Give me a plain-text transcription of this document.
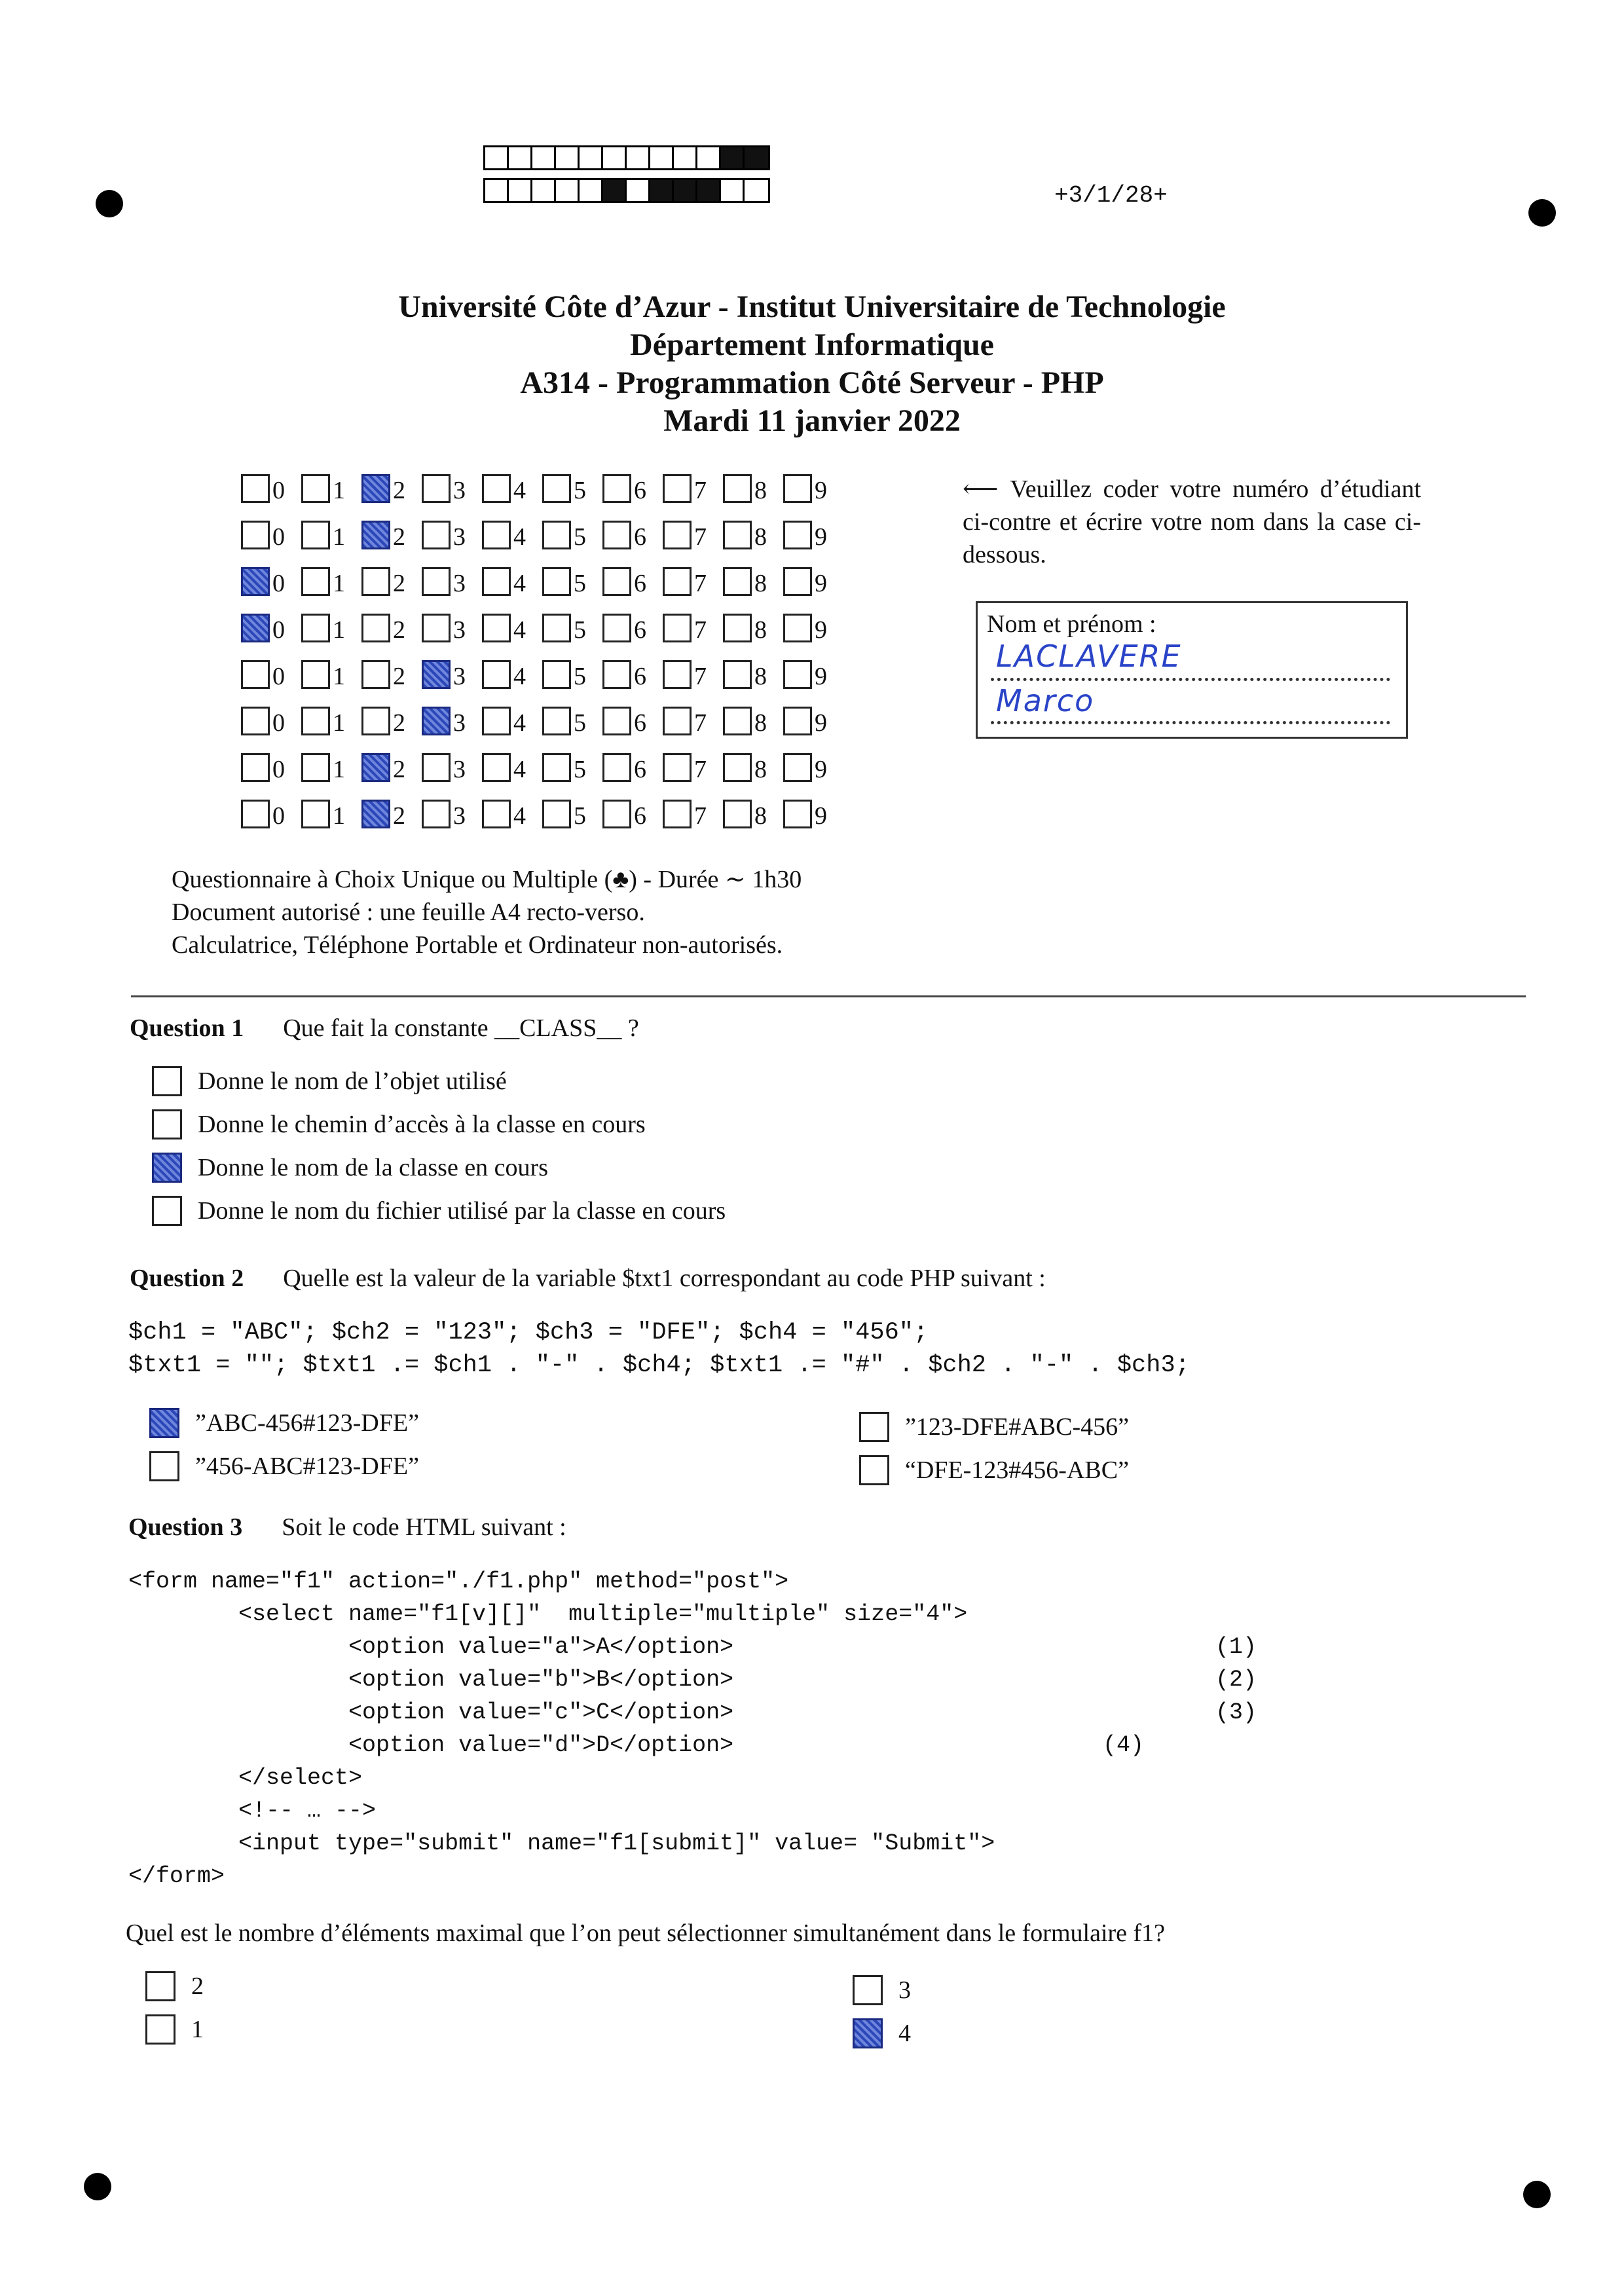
+3/1/28+
Université Côte d’Azur - Institut Universitaire de Technologie
Département Informatique
A314 - Programmation Côté Serveur - PHP
Mardi 11 janvier 2022
0 1 2 3 4 5 6 7 8 9
0 1 2 3 4 5 6 7 8 9
0 1 2 3 4 5 6 7 8 9
0 1 2 3 4 5 6 7 8 9
0 1 2 3 4 5 6 7 8 9
0 1 2 3 4 5 6 7 8 9
0 1 2 3 4 5 6 7 8 9
0 1 2 3 4 5 6 7 8 9
⟵ Veuillez coder votre numéro d’étudiant ci-contre et écrire votre nom dans la case ci-dessous.
Nom et prénom :
LACLAVERE
Marco
Questionnaire à Choix Unique ou Multiple (♣) - Durée ∼ 1h30
Document autorisé : une feuille A4 recto-verso.
Calculatrice, Téléphone Portable et Ordinateur non-autorisés.
Question 1 Que fait la constante __CLASS__ ?
Donne le nom de l’objet utilisé
Donne le chemin d’accès à la classe en cours
Donne le nom de la classe en cours
Donne le nom du fichier utilisé par la classe en cours
Question 2 Quelle est la valeur de la variable $txt1 correspondant au code PHP suivant :
$ch1 = "ABC"; $ch2 = "123"; $ch3 = "DFE"; $ch4 = "456";
$txt1 = ""; $txt1 .= $ch1 . "-" . $ch4; $txt1 .= "#" . $ch2 . "-" . $ch3;
”ABC-456#123-DFE”
”456-ABC#123-DFE”
”123-DFE#ABC-456”
“DFE-123#456-ABC”
Question 3 Soit le code HTML suivant :
<form name="f1" action="./f1.php" method="post">
<select name="f1[v][]"  multiple="multiple" size="4">
<option value="a">A</option>	(1)
<option value="b">B</option>	(2)
<option value="c">C</option>	(3)
<option value="d">D</option>	(4)
</select>
<!-- … -->
<input type="submit" name="f1[submit]" value= "Submit">
</form>
Quel est le nombre d’éléments maximal que l’on peut sélectionner simultanément dans le formulaire f1?
2
1
3
4
